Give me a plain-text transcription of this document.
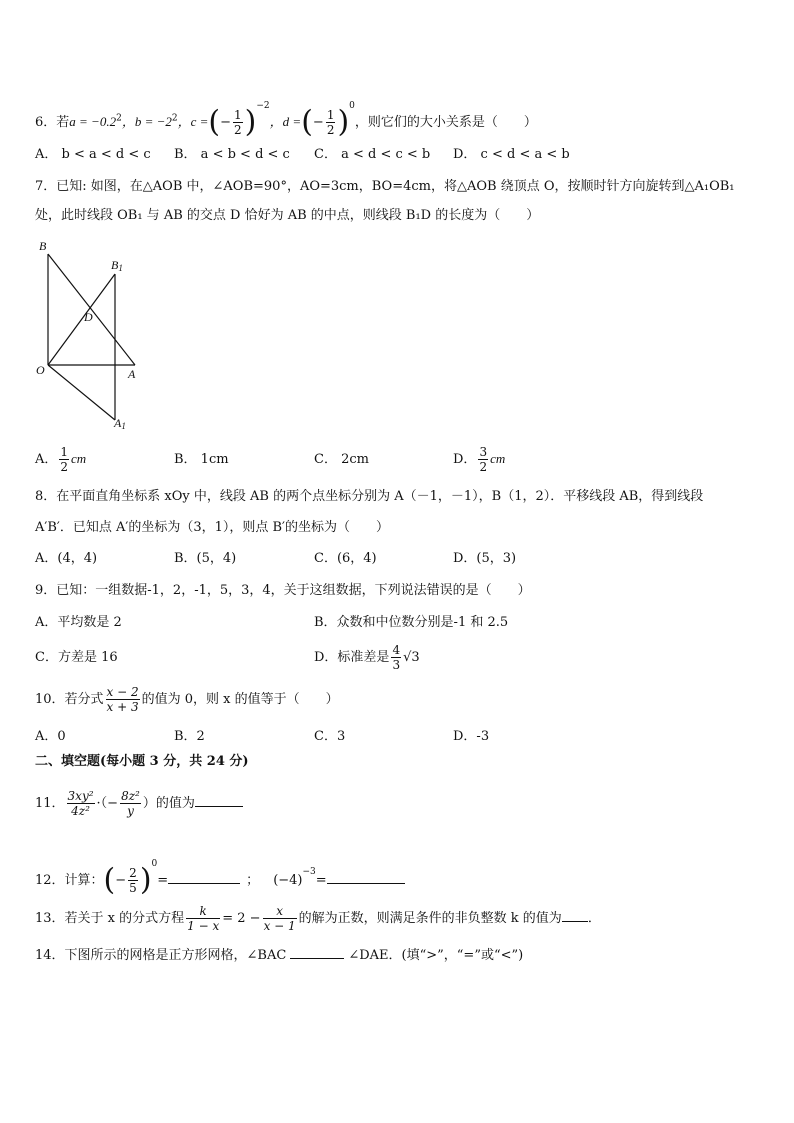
6．若$a = -0.2^2$，$b = -2^2$，c =(− $\frac{1}{2} )^{-2}$，d =(− $\frac{1}{2} )^0$，则它们的大小关系是（　　）
A． b < a < d < c B． a < b < d < c C． a < d < c < b D． c < d < a < b
7．已知: 如图，在△AOB 中，∠AOB=90°，AO=3cm，BO=4cm，将△AOB 绕顶点 O，按顺时针方向旋转到△A₁OB₁
处，此时线段 OB₁ 与 AB 的交点 D 恰好为 AB 的中点，则线段 B₁D 的长度为（　　）
B
B1
D
O	A
A1
A． $\frac{1}{2}$ cm	B． 1cm	C． 2cm	D． $\frac{3}{2}$ cm
8．在平面直角坐标系 xOy 中，线段 AB 的两个点坐标分别为 A（－1，－1），B（1，2）．平移线段 AB，得到线段
A′B′．已知点 A′的坐标为（3，1），则点 B′的坐标为（　　）
A．(4，4)	B．(5，4)	C．(6，4)	D．(5，3)
9．已知：一组数据-1，2，-1，5，3，4，关于这组数据，下列说法错误的是（　　）
A．平均数是 2	B．众数和中位数分别是-1 和 2.5
C．方差是 16	D．标准差是 $\frac{4}{3} √3$
10．若分式 $\frac{x - 2}{x + 3}$ 的值为 0，则 x 的值等于（　　）
A．0	B．2	C．3	D．-3
二、填空题(每小题 3 分，共 24 分)
11． $\frac{\text{3xy²}}{\text{4z²}}$ ·（− $\frac{\text{8z²}}{y}$ ）的值为
12．计算：(− $\frac{2}{5} )^0=$	； $(-4)^{-3}=$
13．若关于 x 的分式方程 $\frac{k}{1 - x} = 2 - \frac{x}{x - 1}$ 的解为正数，则满足条件的非负整数 k 的值为 ．
14．下图所示的网格是正方形网格，∠BAC	∠DAE．(填“>”，“=”或“<”)
